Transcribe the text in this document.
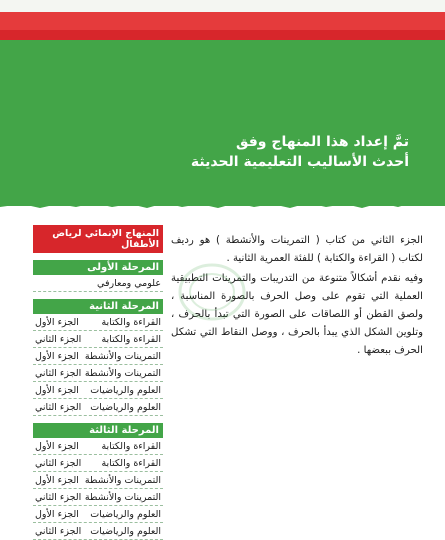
تمَّ إعداد هذا المنهاج وفق
أحدث الأساليب التعليمية الحديثة

الجزء الثاني من كتاب ( التمرينات والأنشطة ) هو رديف لكتاب ( القراءة والكتابة ) للفئة العمرية الثانية .

وفيه نقدم أشكالاً متنوعة من التدريبات والتمرينات التطبيقية العملية التي تقوم على وصل الحرف بالصورة المناسبة ، ولصق القطن أو اللصاقات على الصورة التي تبدأ بالحرف ، وتلوين الشكل الذي يبدأ بالحرف ، ووصل النقاط التي تشكل الحرف ببعضها .

المنهاج الإنمائي لرياض الأطفال
المرحلة الأولى
علومي ومعارفي
المرحلة الثانية
القراءة والكتابة
الجزء الأول
القراءة والكتابة
الجزء الثاني
التمرينات والأنشطة
الجزء الأول
التمرينات والأنشطة
الجزء الثاني
العلوم والرياضيات
الجزء الأول
العلوم والرياضيات
الجزء الثاني
المرحلة الثالثة
القراءة والكتابة
الجزء الأول
القراءة والكتابة
الجزء الثاني
التمرينات والأنشطة
الجزء الأول
التمرينات والأنشطة
الجزء الثاني
العلوم والرياضيات
الجزء الأول
العلوم والرياضيات
الجزء الثاني
